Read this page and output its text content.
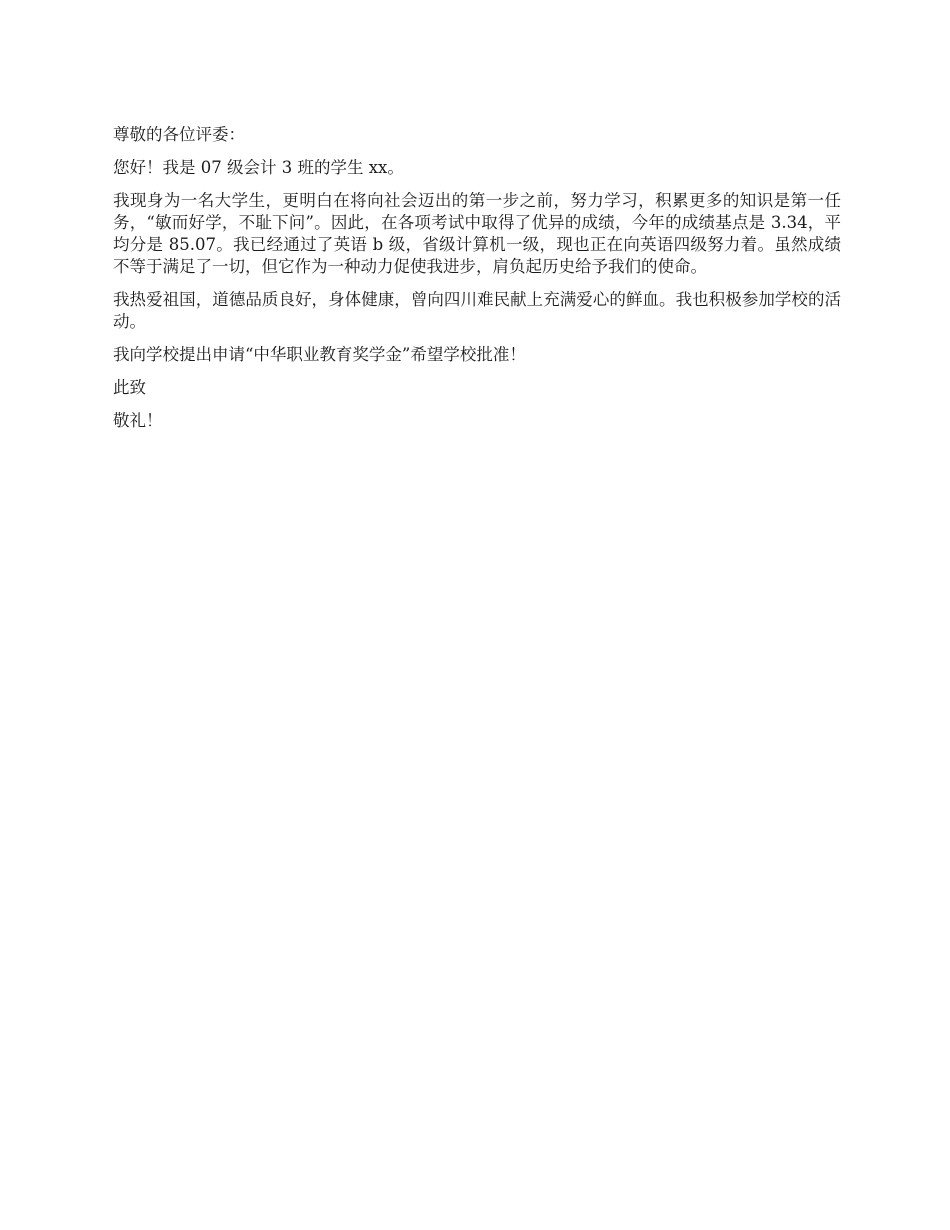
尊敬的各位评委：

您好！我是 07 级会计 3 班的学生 xx。

我现身为一名大学生，更明白在将向社会迈出的第一步之前，努力学习，积累更多的知识是第一任务，“敏而好学，不耻下问”。因此，在各项考试中取得了优异的成绩，今年的成绩基点是 3.34，平均分是 85.07。我已经通过了英语 b 级，省级计算机一级，现也正在向英语四级努力着。虽然成绩不等于满足了一切，但它作为一种动力促使我进步，肩负起历史给予我们的使命。

我热爱祖国，道德品质良好，身体健康，曾向四川难民献上充满爱心的鲜血。我也积极参加学校的活动。

我向学校提出申请“中华职业教育奖学金”希望学校批准！

此致

敬礼！
